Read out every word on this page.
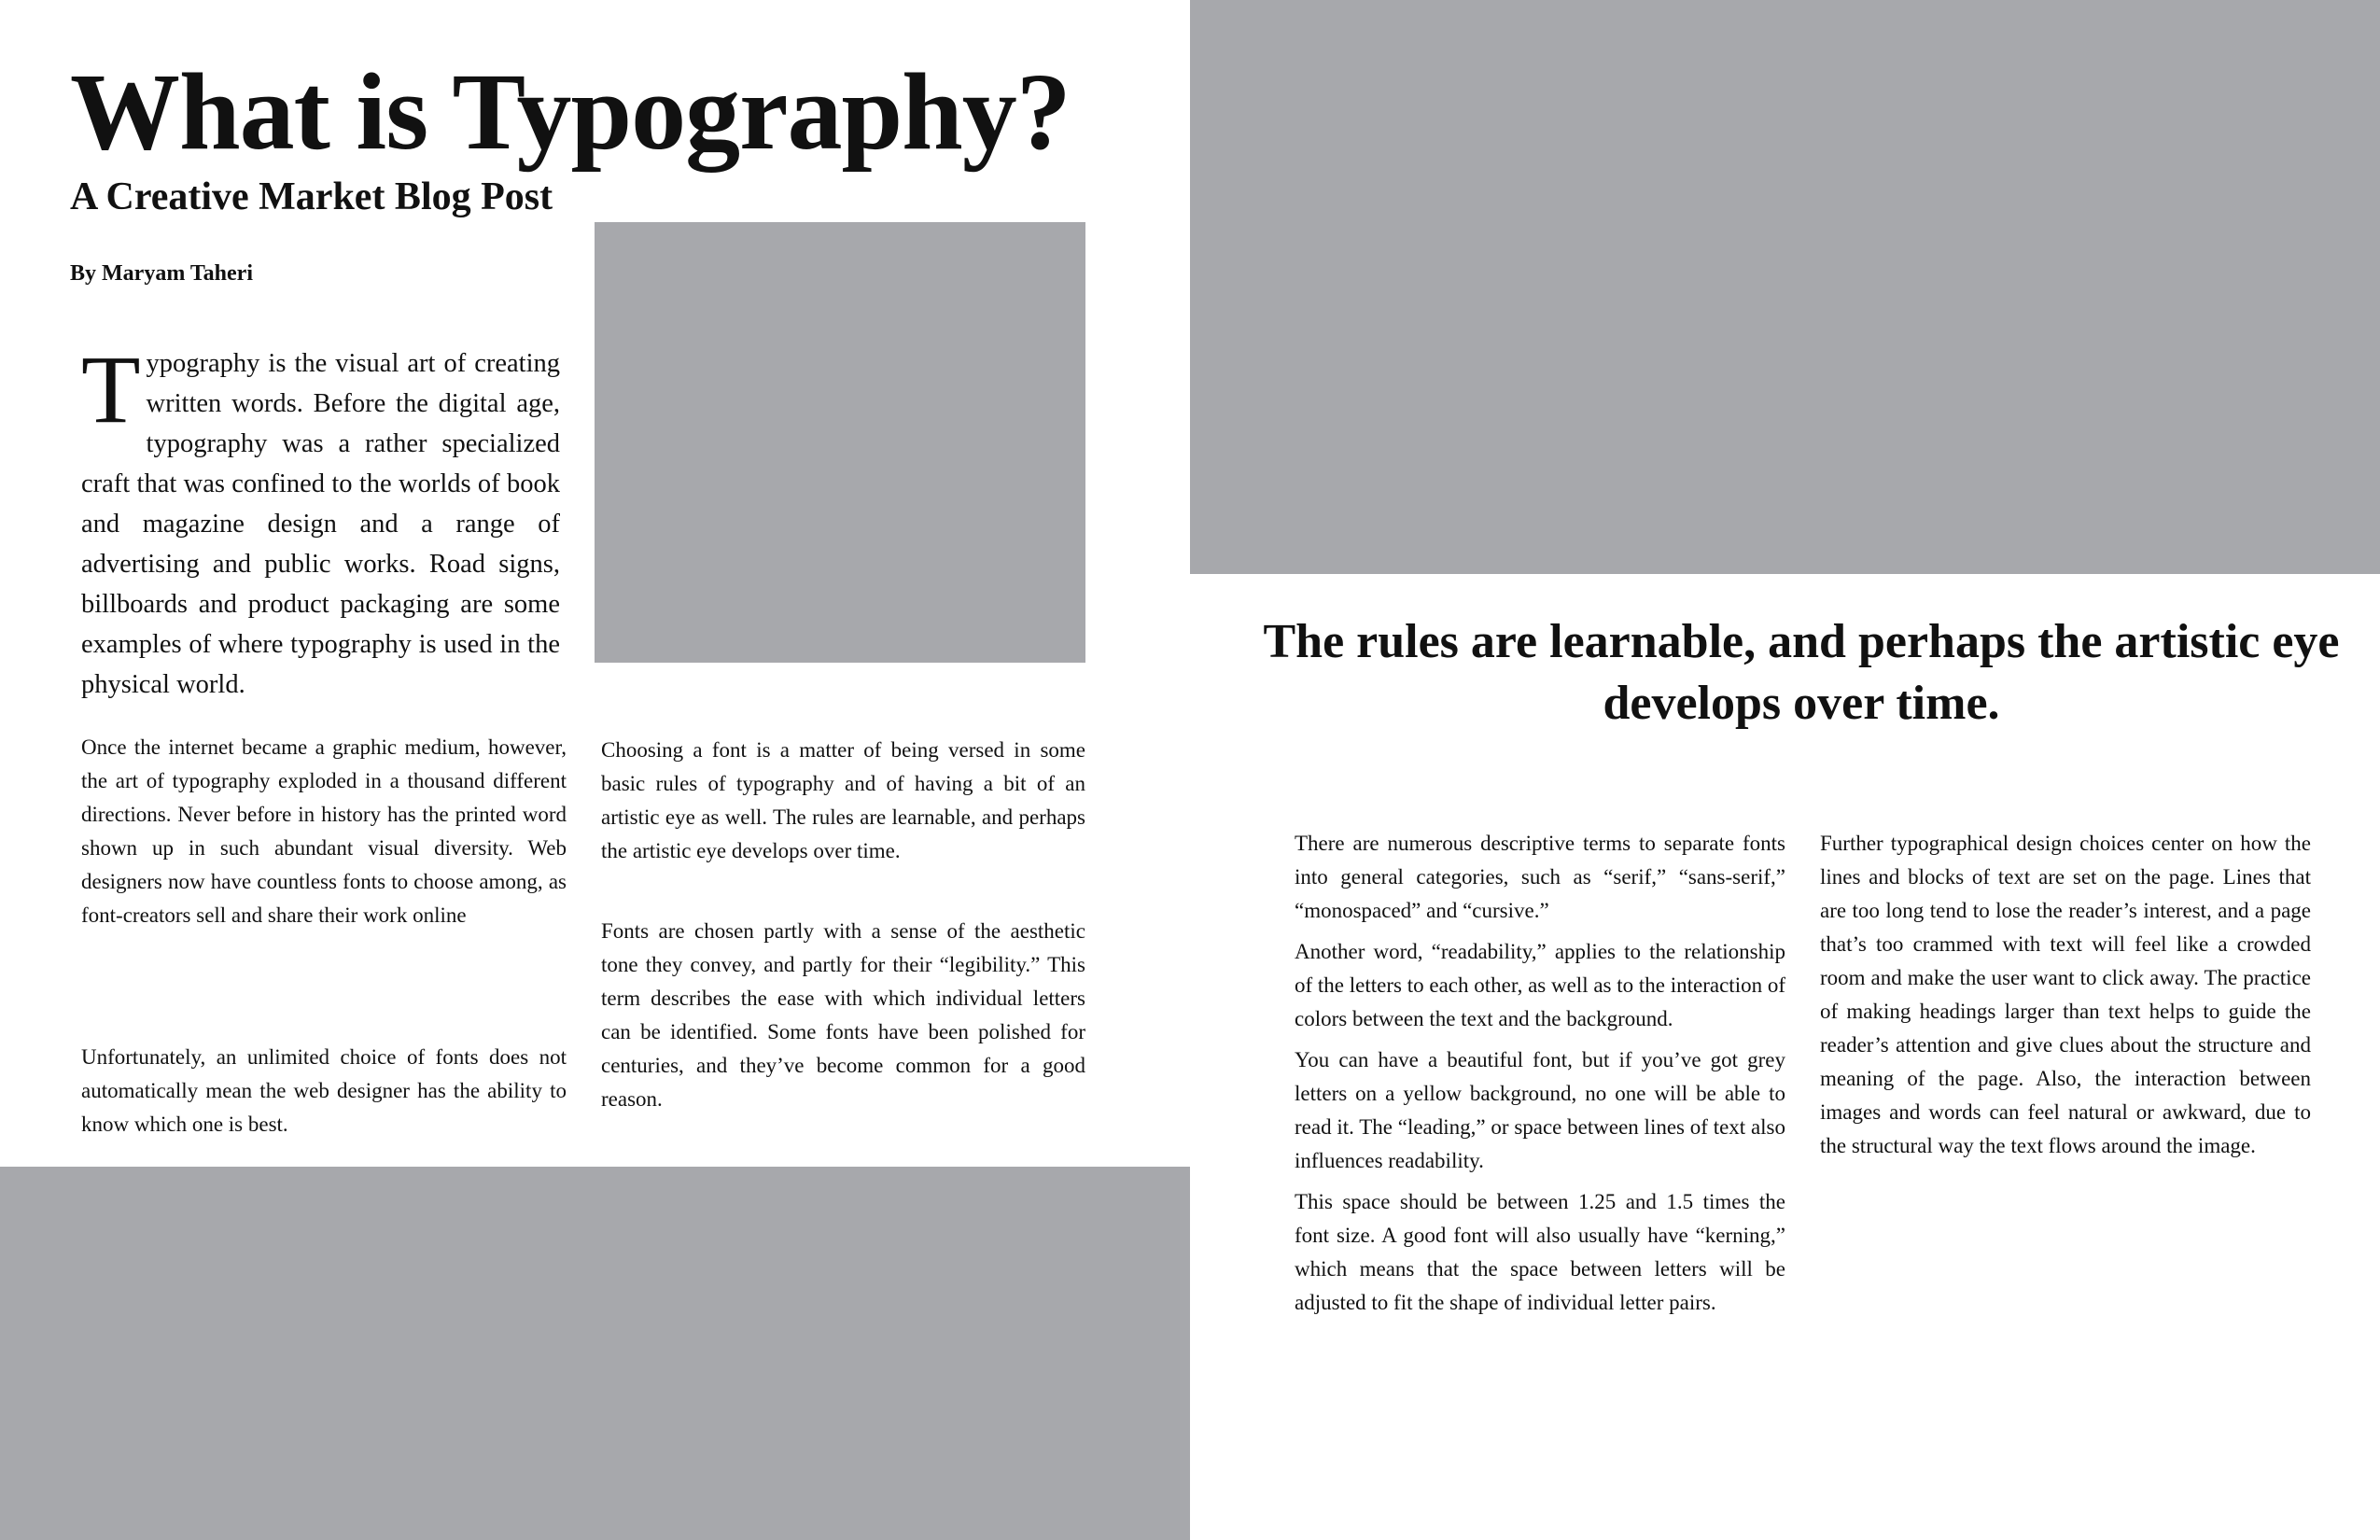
What is Typography?
A Creative Market Blog Post

By Maryam Taheri

Typography is the visual art of creating written words. Before the digital age, typography was a rather specialized craft that was confined to the worlds of book and magazine design and a range of advertising and public works. Road signs, billboards and product packaging are some examples of where typography is used in the physical world.

Once the internet became a graphic medium, however, the art of typography exploded in a thousand different directions. Never before in history has the printed word shown up in such abundant visual diversity. Web designers now have countless fonts to choose among, as font-creators sell and share their work online

Unfortunately, an unlimited choice of fonts does not automatically mean the web designer has the ability to know which one is best.

Choosing a font is a matter of being versed in some basic rules of typography and of having a bit of an artistic eye as well. The rules are learnable, and perhaps the artistic eye develops over time.

Fonts are chosen partly with a sense of the aesthetic tone they convey, and partly for their “legibility.” This term describes the ease with which individual letters can be identified. Some fonts have been polished for centuries, and they’ve become common for a good reason.

The rules are learnable, and perhaps the artistic eye develops over time.

There are numerous descriptive terms to separate fonts into general categories, such as “serif,” “sans-serif,” “monospaced” and “cursive.”

Another word, “readability,” applies to the relationship of the letters to each other, as well as to the interaction of colors between the text and the background.

You can have a beautiful font, but if you’ve got grey letters on a yellow background, no one will be able to read it. The “leading,” or space between lines of text also influences readability.

This space should be between 1.25 and 1.5 times the font size. A good font will also usually have “kerning,” which means that the space between letters will be adjusted to fit the shape of individual letter pairs.

Further typographical design choices center on how the lines and blocks of text are set on the page. Lines that are too long tend to lose the reader’s interest, and a page that’s too crammed with text will feel like a crowded room and make the user want to click away. The practice of making headings larger than text helps to guide the reader’s attention and give clues about the structure and meaning of the page. Also, the interaction between images and words can feel natural or awkward, due to the structural way the text flows around the image.
